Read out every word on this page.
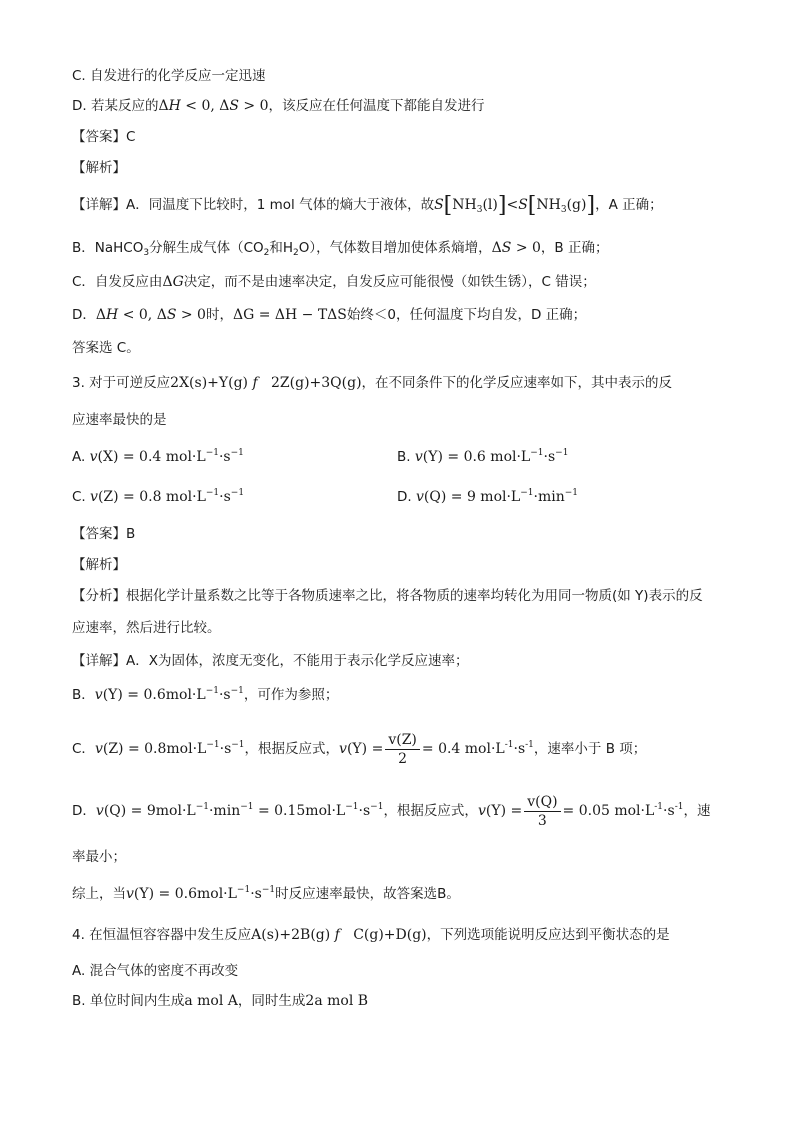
C. 自发进行的化学反应一定迅速
D. 若某反应的ΔH < 0, ΔS > 0，该反应在任何温度下都能自发进行
【答案】C
【解析】
【详解】A．同温度下比较时，1 mol 气体的熵大于液体，故$S[NH_3(l)]<S[NH_3(g)]$，A 正确；
B．NaHCO$_3$分解生成气体（$CO_2$和$H_2O$），气体数目增加使体系熵增，ΔS > 0，B 正确；
C．自发反应由ΔG决定，而不是由速率决定，自发反应可能很慢（如铁生锈），C 错误；
D．ΔH < 0, ΔS > 0时，ΔG = ΔH − TΔS始终＜0，任何温度下均自发，D 正确；
答案选 C。
3. 对于可逆反应2X(s)+Y(g) f   2Z(g)+3Q(g)，在不同条件下的化学反应速率如下，其中表示的反
应速率最快的是
A. v(X) = 0.4 $mol\cdot L^{-1}\cdot s^{-1}$	B. v(Y) = 0.6 $mol\cdot L^{-1}\cdot s^{-1}$
C. v(Z) = 0.8 $mol\cdot L^{-1}\cdot s^{-1}$	D. v(Q) = 9 $mol\cdot L^{-1}\cdot\min^{-1}$
【答案】B
【解析】
【分析】根据化学计量系数之比等于各物质速率之比，将各物质的速率均转化为用同一物质(如 Y)表示的反
应速率，然后进行比较。
【详解】A．X为固体，浓度无变化，不能用于表示化学反应速率；
B．$v(Y) = 0.6mol\cdot L^{-1}\cdot s^{-1}$，可作为参照；
C．$v(Z) = 0.8mol\cdot L^{-1}\cdot s^{-1}$，根据反应式，$v(Y) = \frac{v(Z)}{2} = 0.4$ $mol\cdot L^{-1}\cdot s^{-1}$，速率小于 B 项；
D．$v(Q) = 9mol\cdot L^{-1}\cdot\min^{-1} = 0.15mol\cdot L^{-1}\cdot s^{-1}$，根据反应式，$v(Y) = \frac{v(Q)}{3} = 0.05$ $mol\cdot L^{-1}\cdot s^{-1}$，速
率最小；
综上，当$v(Y) = 0.6mol\cdot L^{-1}\cdot s^{-1}$时反应速率最快，故答案选B。
4. 在恒温恒容容器中发生反应A(s)+2B(g) f   C(g)+D(g)，下列选项能说明反应达到平衡状态的是
A. 混合气体的密度不再改变
B. 单位时间内生成a mol A，同时生成2a mol B
